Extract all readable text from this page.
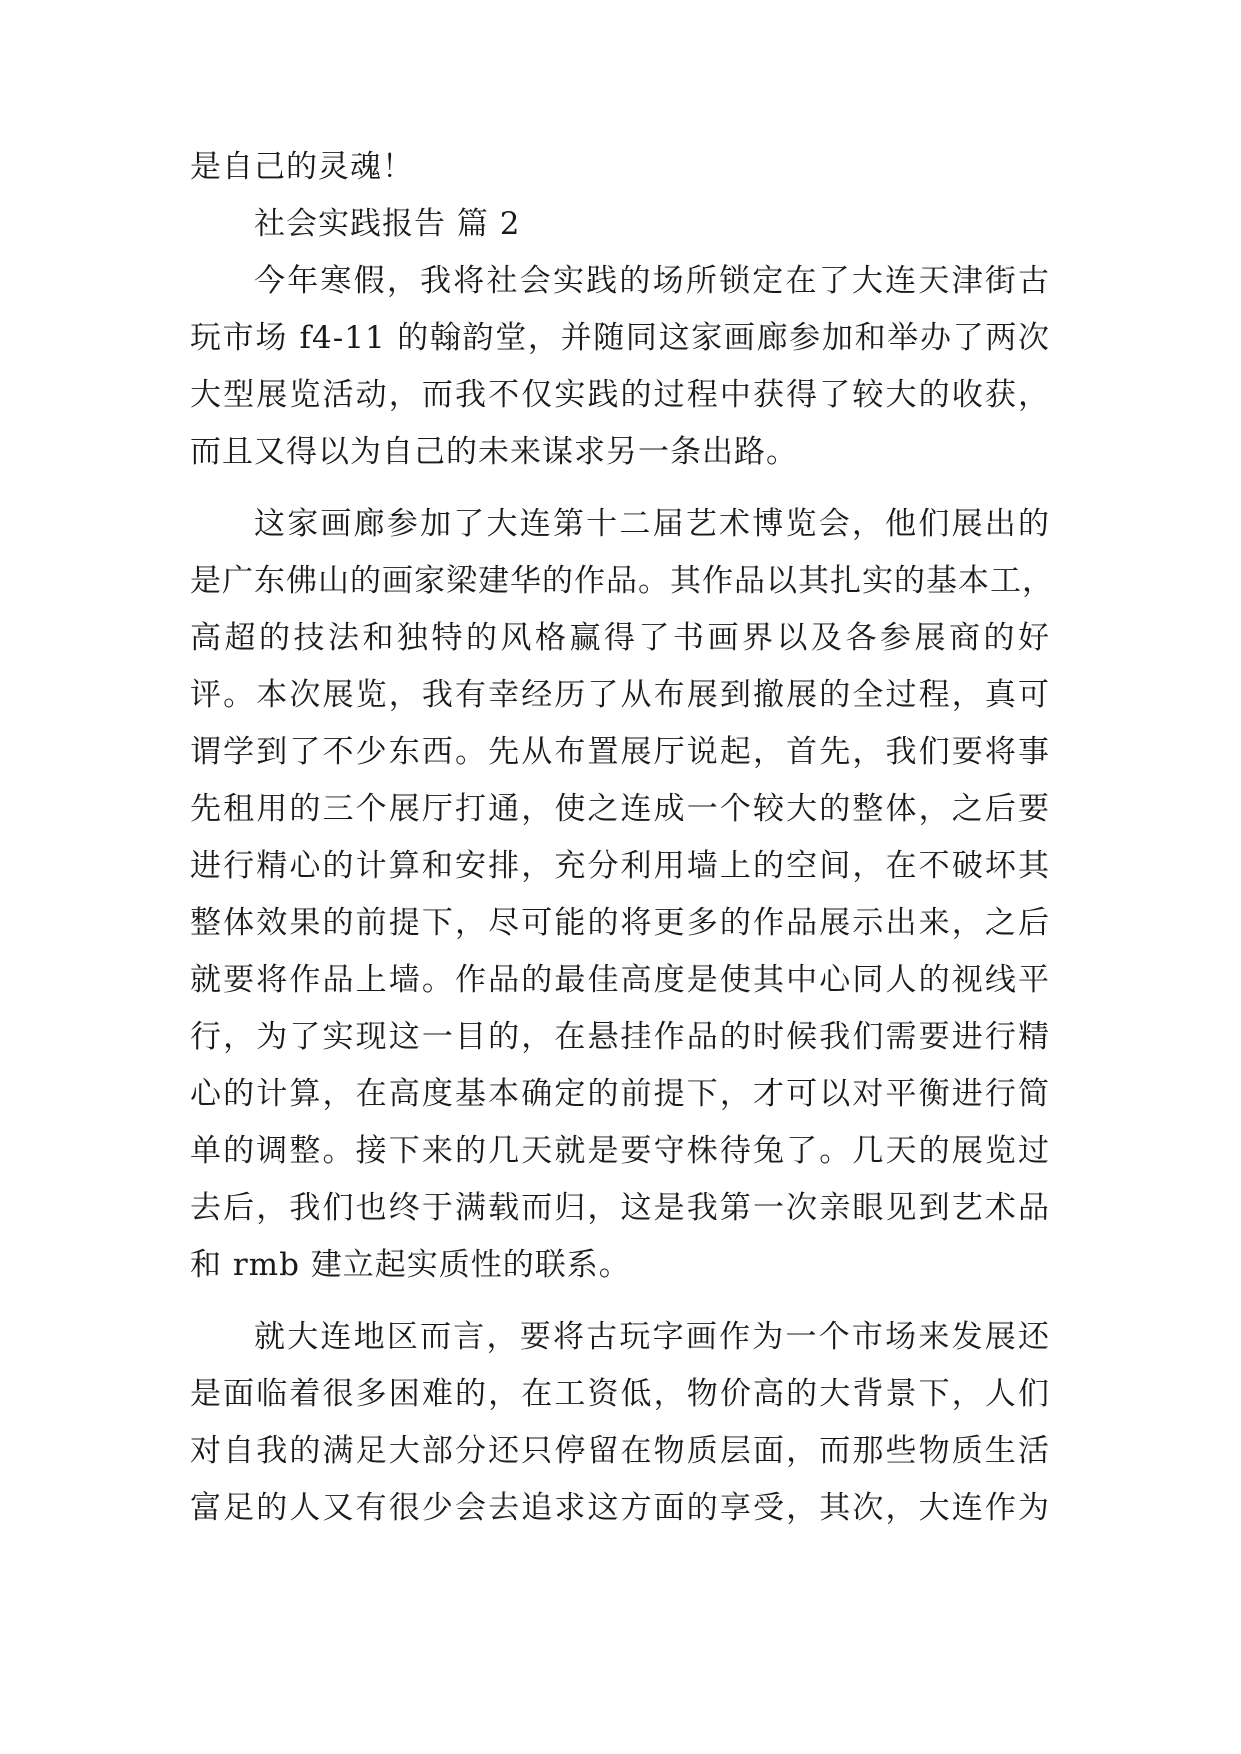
是自己的灵魂！
社会实践报告 篇 2
今年寒假，我将社会实践的场所锁定在了大连天津街古
玩市场 f4-11 的翰韵堂，并随同这家画廊参加和举办了两次
大型展览活动，而我不仅实践的过程中获得了较大的收获，
而且又得以为自己的未来谋求另一条出路。
这家画廊参加了大连第十二届艺术博览会，他们展出的
是广东佛山的画家梁建华的作品。其作品以其扎实的基本工，
高超的技法和独特的风格赢得了书画界以及各参展商的好
评。本次展览，我有幸经历了从布展到撤展的全过程，真可
谓学到了不少东西。先从布置展厅说起，首先，我们要将事
先租用的三个展厅打通，使之连成一个较大的整体，之后要
进行精心的计算和安排，充分利用墙上的空间，在不破坏其
整体效果的前提下，尽可能的将更多的作品展示出来，之后
就要将作品上墙。作品的最佳高度是使其中心同人的视线平
行，为了实现这一目的，在悬挂作品的时候我们需要进行精
心的计算，在高度基本确定的前提下，才可以对平衡进行简
单的调整。接下来的几天就是要守株待兔了。几天的展览过
去后，我们也终于满载而归，这是我第一次亲眼见到艺术品
和 rmb 建立起实质性的联系。
就大连地区而言，要将古玩字画作为一个市场来发展还
是面临着很多困难的，在工资低，物价高的大背景下，人们
对自我的满足大部分还只停留在物质层面，而那些物质生活
富足的人又有很少会去追求这方面的享受，其次，大连作为
